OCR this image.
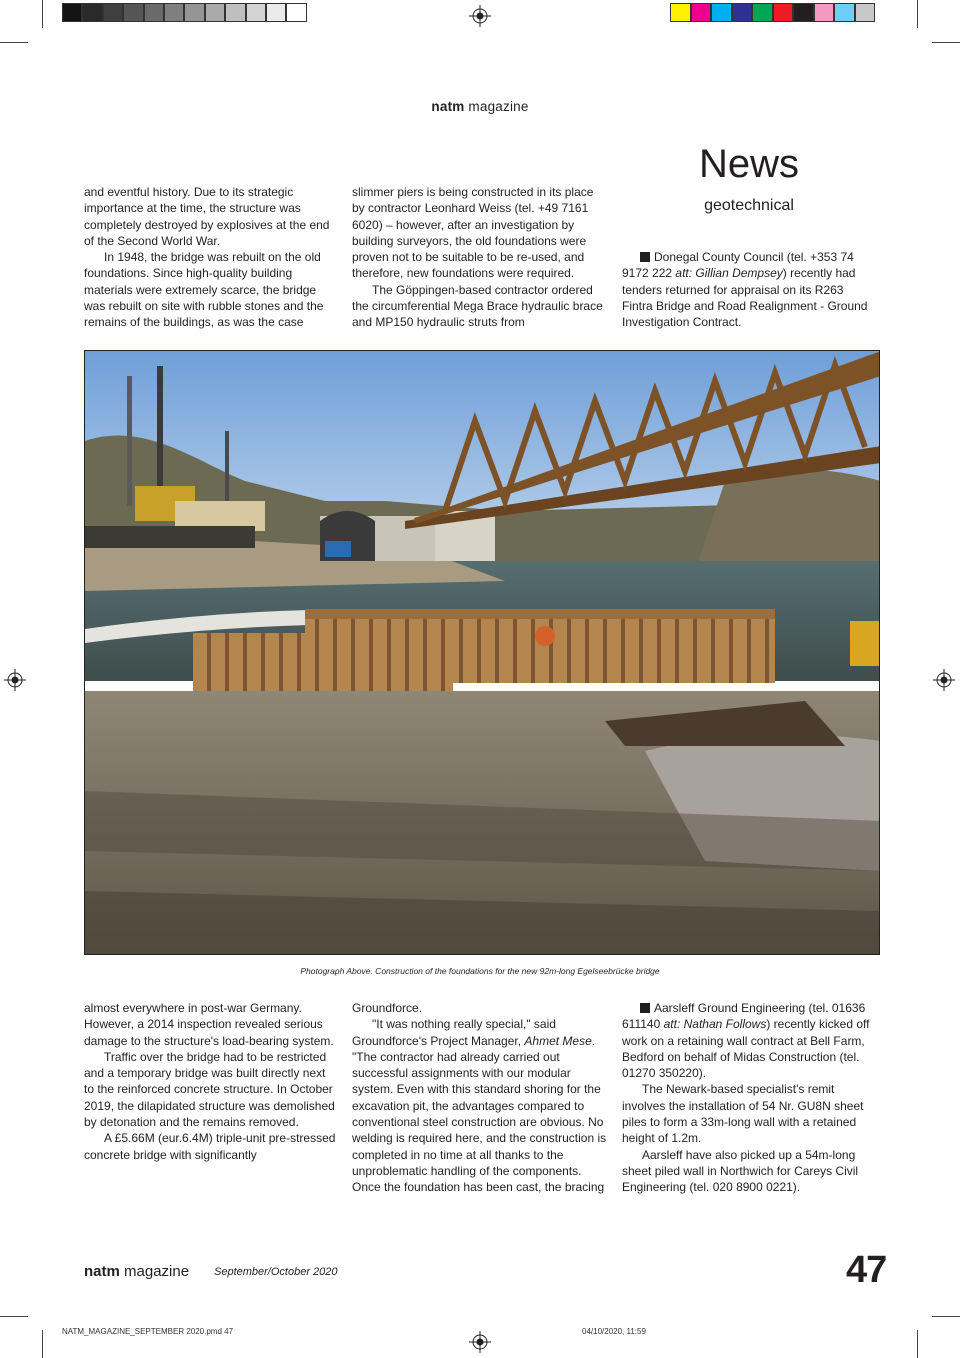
natm magazine
News
geotechnical

and eventful history. Due to its strategic importance at the time, the structure was completely destroyed by explosives at the end of the Second World War.

In 1948, the bridge was rebuilt on the old foundations. Since high-quality building materials were extremely scarce, the bridge was rebuilt on site with rubble stones and the remains of the buildings, as was the case

slimmer piers is being constructed in its place by contractor Leonhard Weiss (tel. +49 7161 6020) – however, after an investigation by building surveyors, the old foundations were proven not to be suitable to be re-used, and therefore, new foundations were required.

The Göppingen-based contractor ordered the circumferential Mega Brace hydraulic brace and MP150 hydraulic struts from

Donegal County Council (tel. +353 74 9172 222 att: Gillian Dempsey) recently had tenders returned for appraisal on its R263 Fintra Bridge and Road Realignment - Ground Investigation Contract.

Photograph Above. Construction of the foundations for the new 92m-long Egelseebrücke bridge

almost everywhere in post-war Germany. However, a 2014 inspection revealed serious damage to the structure's load-bearing system.

Traffic over the bridge had to be restricted and a temporary bridge was built directly next to the reinforced concrete structure. In October 2019, the dilapidated structure was demolished by detonation and the remains removed.

A £5.66M (eur.6.4M) triple-unit pre-stressed concrete bridge with significantly

Groundforce.

"It was nothing really special," said Groundforce's Project Manager, Ahmet Mese. "The contractor had already carried out successful assignments with our modular system. Even with this standard shoring for the excavation pit, the advantages compared to conventional steel construction are obvious. No welding is required here, and the construction is completed in no time at all thanks to the unproblematic handling of the components. Once the foundation has been cast, the bracing

Aarsleff Ground Engineering (tel. 01636 611140 att: Nathan Follows) recently kicked off work on a retaining wall contract at Bell Farm, Bedford on behalf of Midas Construction (tel. 01270 350220).

The Newark-based specialist's remit involves the installation of 54 Nr. GU8N sheet piles to form a 33m-long wall with a retained height of 1.2m.

Aarsleff have also picked up a 54m-long sheet piled wall in Northwich for Careys Civil Engineering (tel. 020 8900 0221).

natm magazine September/October 2020	47
NATM_MAGAZINE_SEPTEMBER 2020.pmd 47	04/10/2020, 11:59
